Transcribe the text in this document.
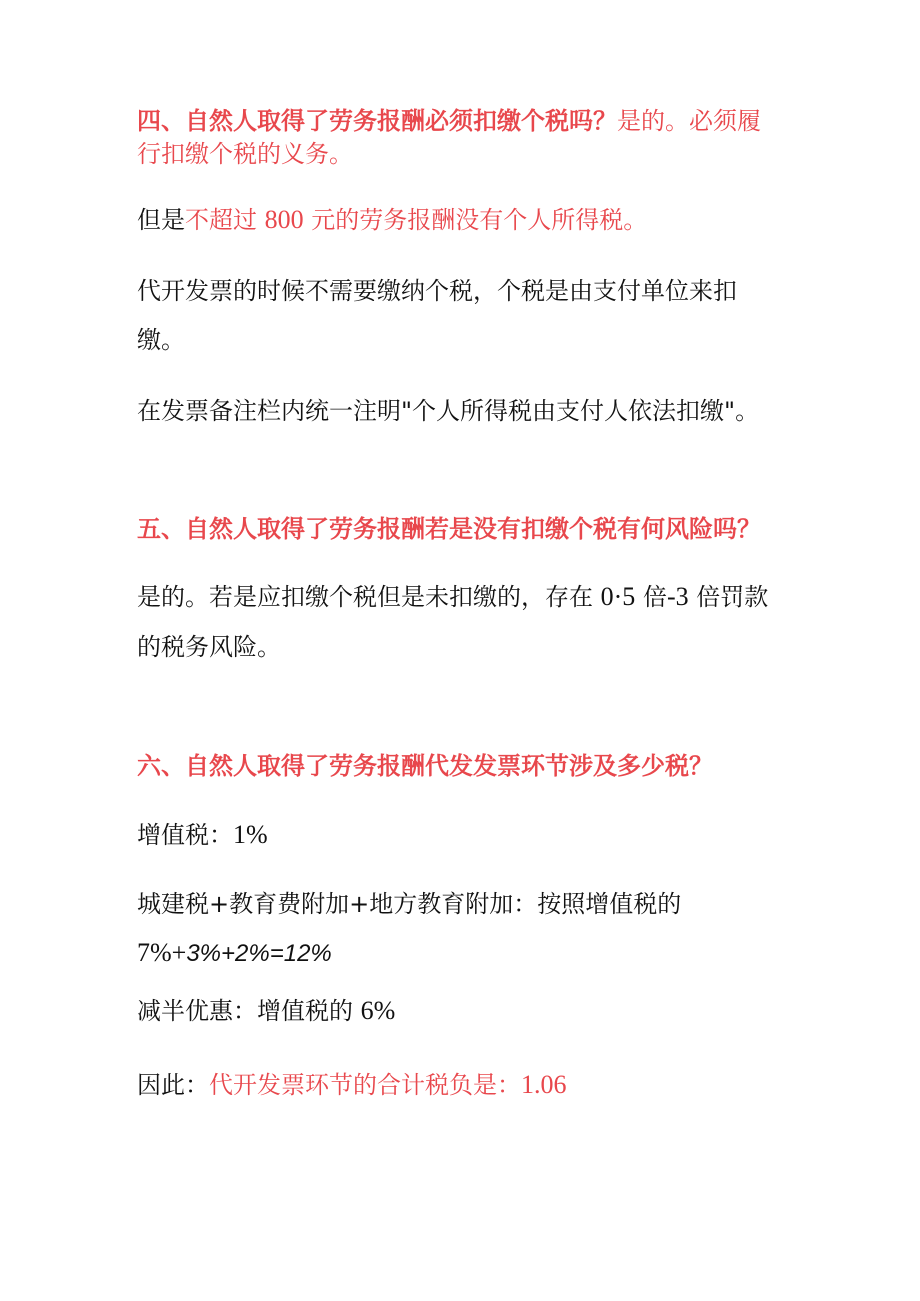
四、自然人取得了劳务报酬必须扣缴个税吗？是的。必须履
行扣缴个税的义务。
但是不超过 800 元的劳务报酬没有个人所得税。
代开发票的时候不需要缴纳个税，个税是由支付单位来扣
缴。
在发票备注栏内统一注明"个人所得税由支付人依法扣缴"。
五、自然人取得了劳务报酬若是没有扣缴个税有何风险吗？
是的。若是应扣缴个税但是未扣缴的，存在 0·5 倍-3 倍罚款
的税务风险。
六、自然人取得了劳务报酬代发发票环节涉及多少税？
增值税：1%
城建税+教育费附加+地方教育附加：按照增值税的
7%+3%+2%=12%
减半优惠：增值税的 6%
因此：代开发票环节的合计税负是：1.06
